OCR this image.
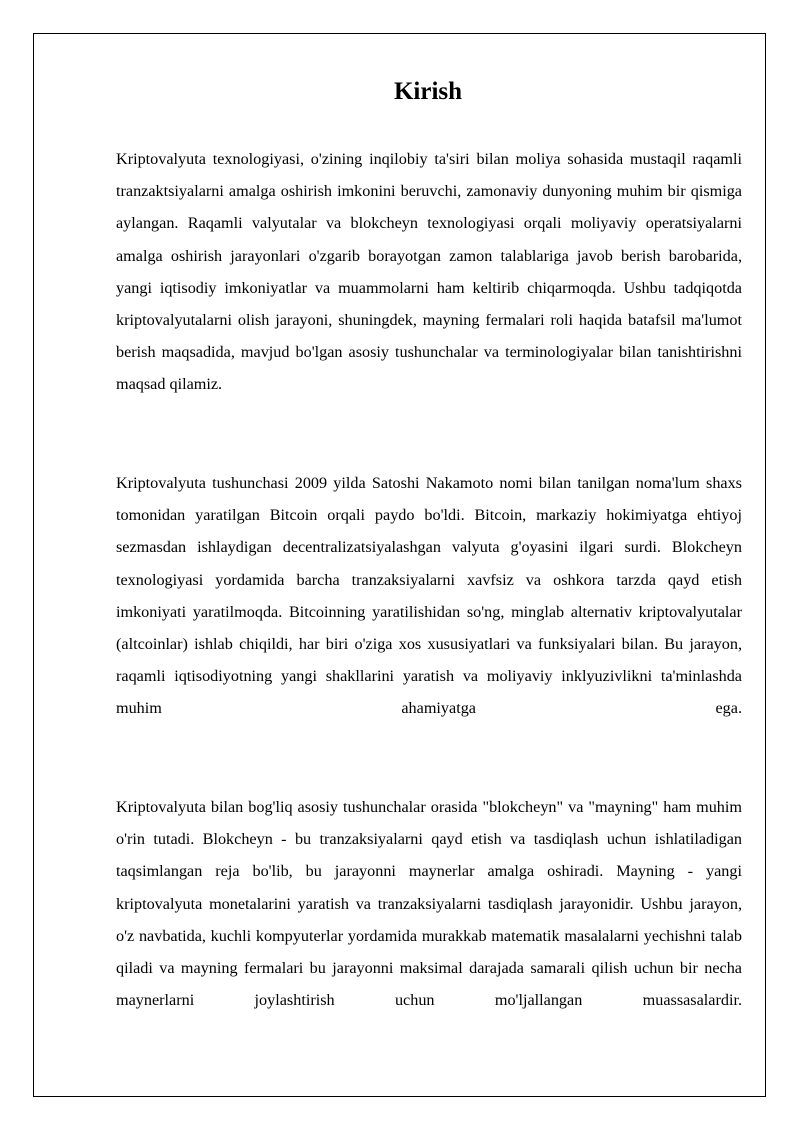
Kirish

Kriptovalyuta texnologiyasi, o'zining inqilobiy ta'siri bilan moliya sohasida mustaqil raqamli tranzaktsiyalarni amalga oshirish imkonini beruvchi, zamonaviy dunyoning muhim bir qismiga aylangan. Raqamli valyutalar va blokcheyn texnologiyasi orqali moliyaviy operatsiyalarni amalga oshirish jarayonlari o'zgarib borayotgan zamon talablariga javob berish barobarida, yangi iqtisodiy imkoniyatlar va muammolarni ham keltirib chiqarmoqda. Ushbu tadqiqotda kriptovalyutalarni olish jarayoni, shuningdek, mayning fermalari roli haqida batafsil ma'lumot berish maqsadida, mavjud bo'lgan asosiy tushunchalar va terminologiyalar bilan tanishtirishni maqsad qilamiz.

Kriptovalyuta tushunchasi 2009 yilda Satoshi Nakamoto nomi bilan tanilgan noma'lum shaxs tomonidan yaratilgan Bitcoin orqali paydo bo'ldi. Bitcoin, markaziy hokimiyatga ehtiyoj sezmasdan ishlaydigan decentralizatsiyalashgan valyuta g'oyasini ilgari surdi. Blokcheyn texnologiyasi yordamida barcha tranzaksiyalarni xavfsiz va oshkora tarzda qayd etish imkoniyati yaratilmoqda. Bitcoinning yaratilishidan so'ng, minglab alternativ kriptovalyutalar (altcoinlar) ishlab chiqildi, har biri o'ziga xos xususiyatlari va funksiyalari bilan. Bu jarayon, raqamli iqtisodiyotning yangi shakllarini yaratish va moliyaviy inklyuzivlikni ta'minlashda muhim ahamiyatga ega.

Kriptovalyuta bilan bog'liq asosiy tushunchalar orasida "blokcheyn" va "mayning" ham muhim o'rin tutadi. Blokcheyn - bu tranzaksiyalarni qayd etish va tasdiqlash uchun ishlatiladigan taqsimlangan reja bo'lib, bu jarayonni maynerlar amalga oshiradi. Mayning - yangi kriptovalyuta monetalarini yaratish va tranzaksiyalarni tasdiqlash jarayonidir. Ushbu jarayon, o'z navbatida, kuchli kompyuterlar yordamida murakkab matematik masalalarni yechishni talab qiladi va mayning fermalari bu jarayonni maksimal darajada samarali qilish uchun bir necha maynerlarni joylashtirish uchun mo'ljallangan muassasalardir.
